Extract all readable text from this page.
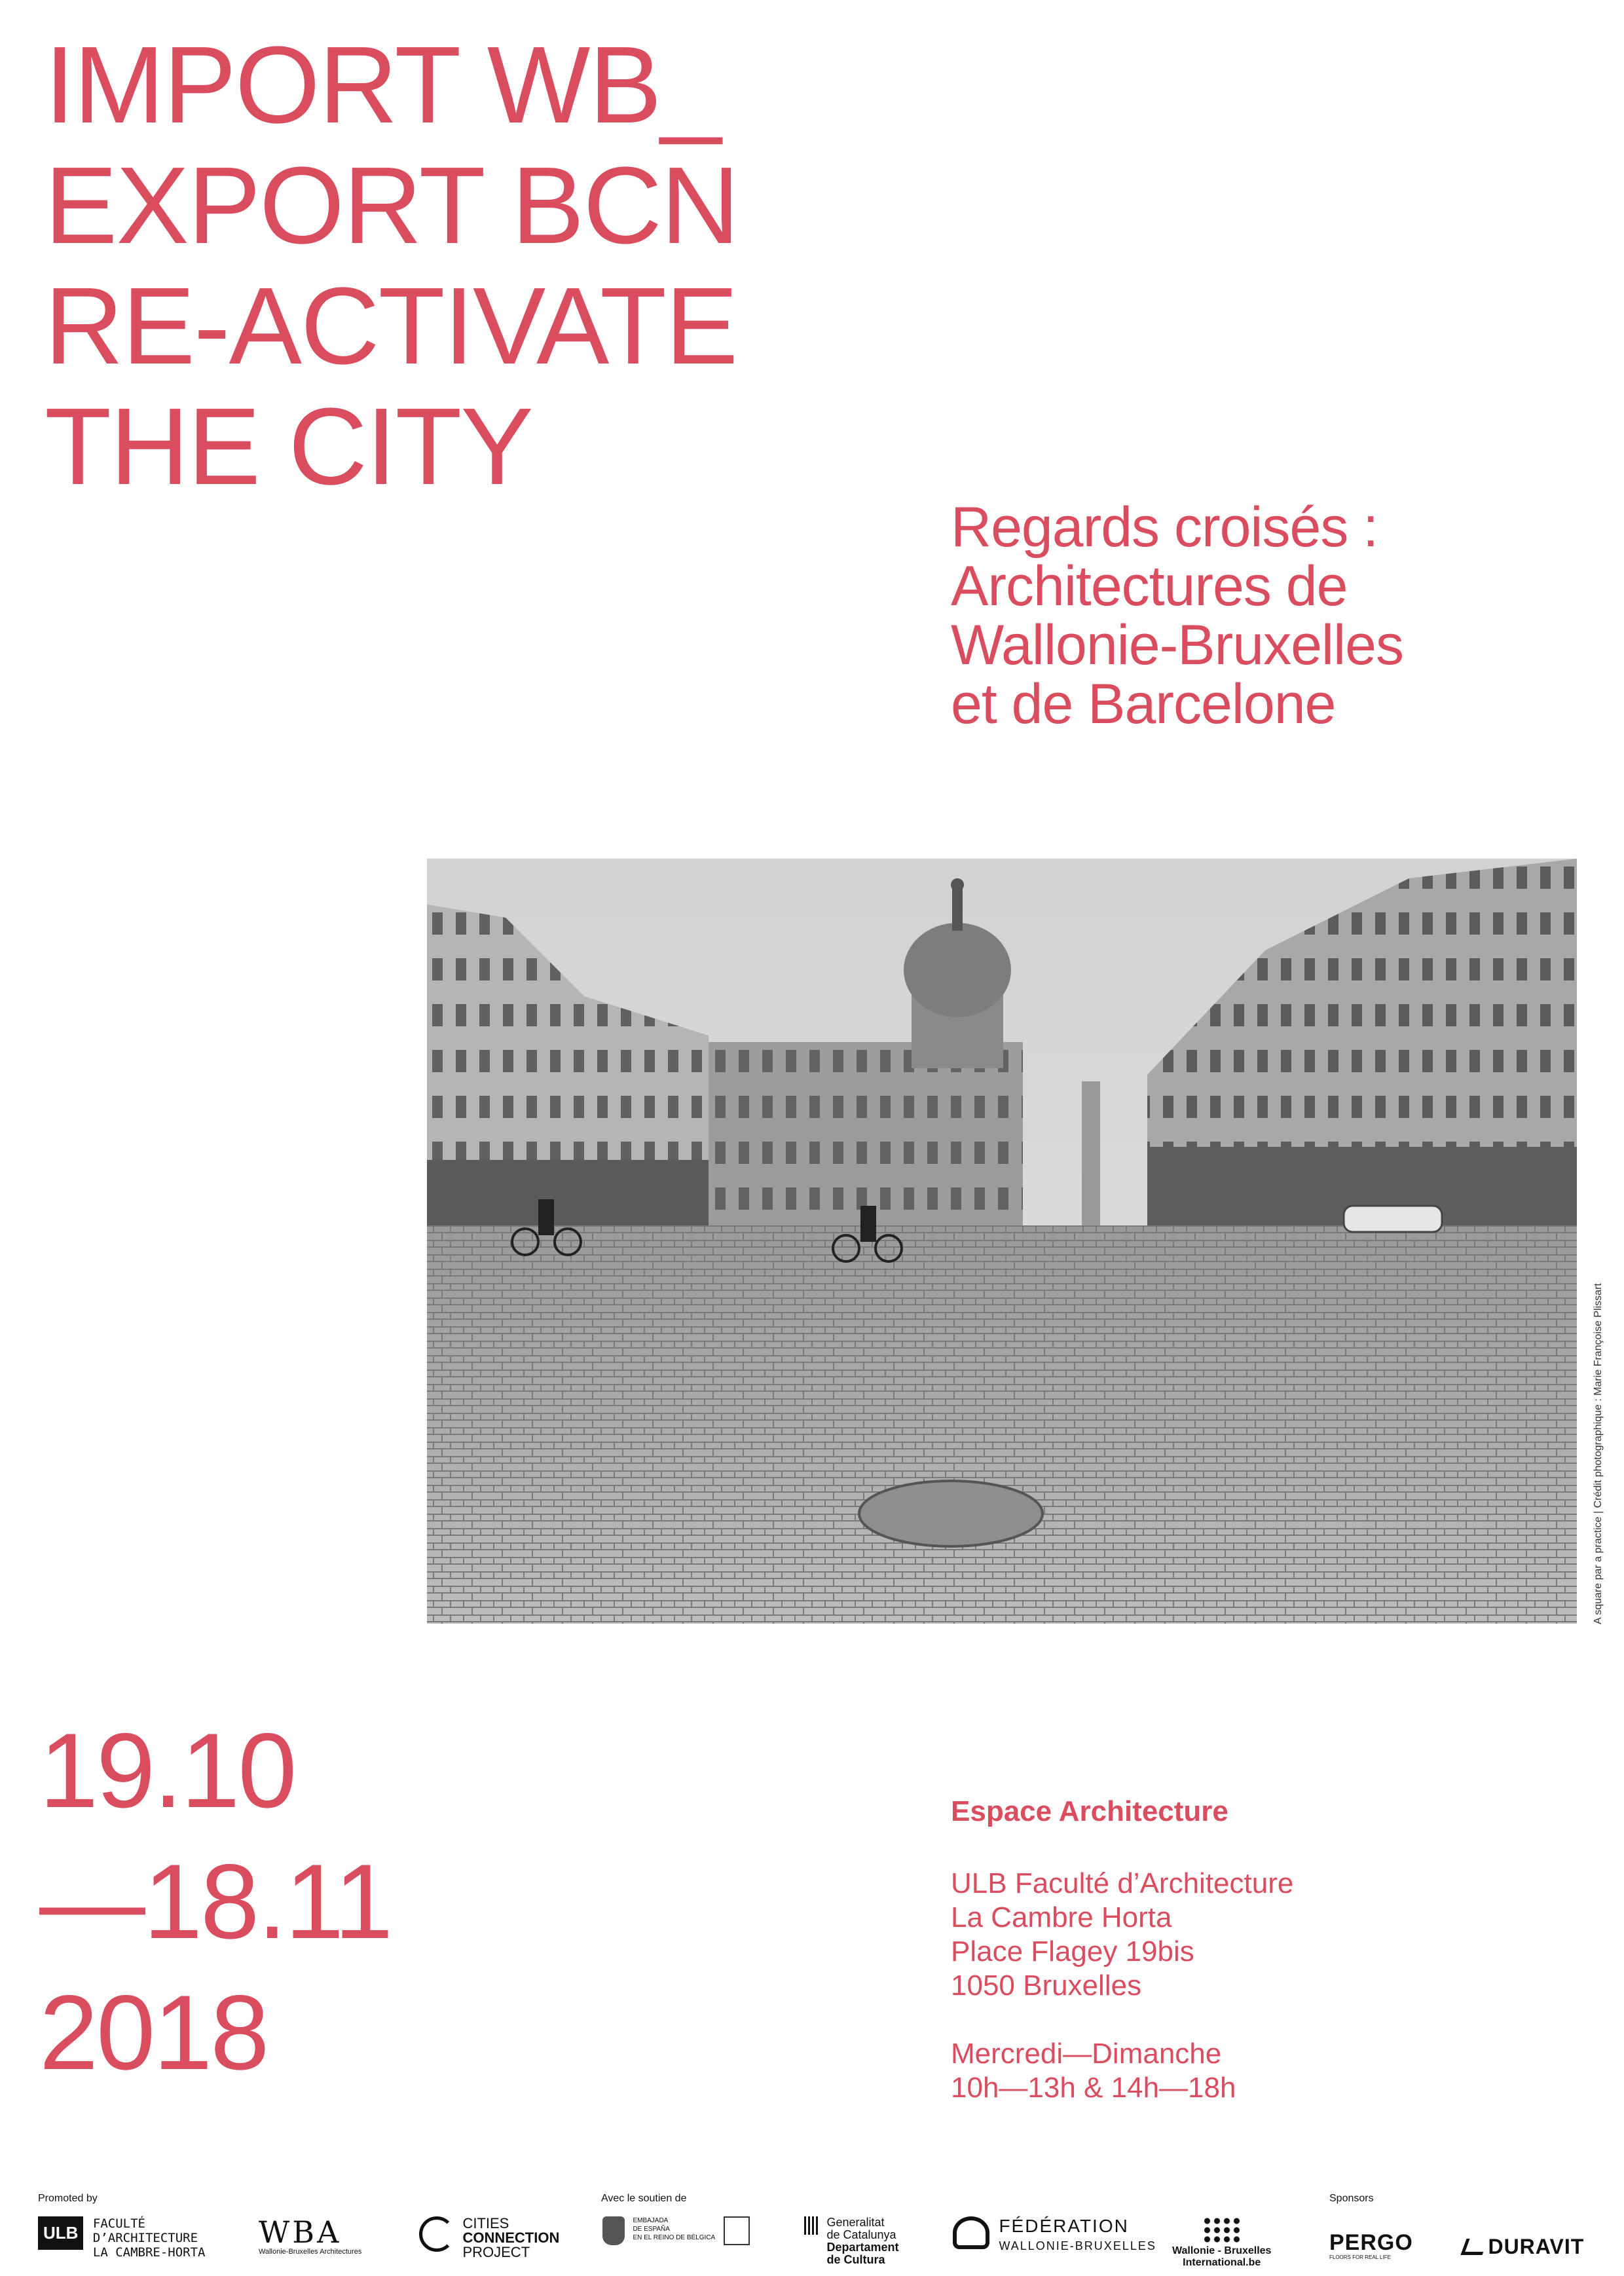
IMPORT WB_
EXPORT BCN
RE-ACTIVATE
THE CITY
Regards croisés :
Architectures de
Wallonie-Bruxelles
et de Barcelone
A square par a practice | Crédit photographique : Marie Françoise Plissart
19.10
—18.11
2018
Espace Architecture
ULB Faculté d’Architecture
La Cambre Horta
Place Flagey 19bis
1050 Bruxelles
Mercredi—Dimanche
10h—13h & 14h—18h
Promoted by	Avec le soutien de	Sponsors
ULB FACULTÉ
D’ARCHITECTURE
LA CAMBRE-HORTA
WBA
Wallonie-Bruxelles Architectures

CITIES
CONNECTION
PROJECT

EMBAJADA
DE ESPAÑA
EN EL REINO DE BÉLGICA

Generalitat
de Catalunya
Departament
de Cultura

FÉDÉRATION
WALLONIE-BRUXELLES Wallonie - Bruxelles
International.be
PERGO
FLOORS FOR REAL LIFE	DURAVIT
